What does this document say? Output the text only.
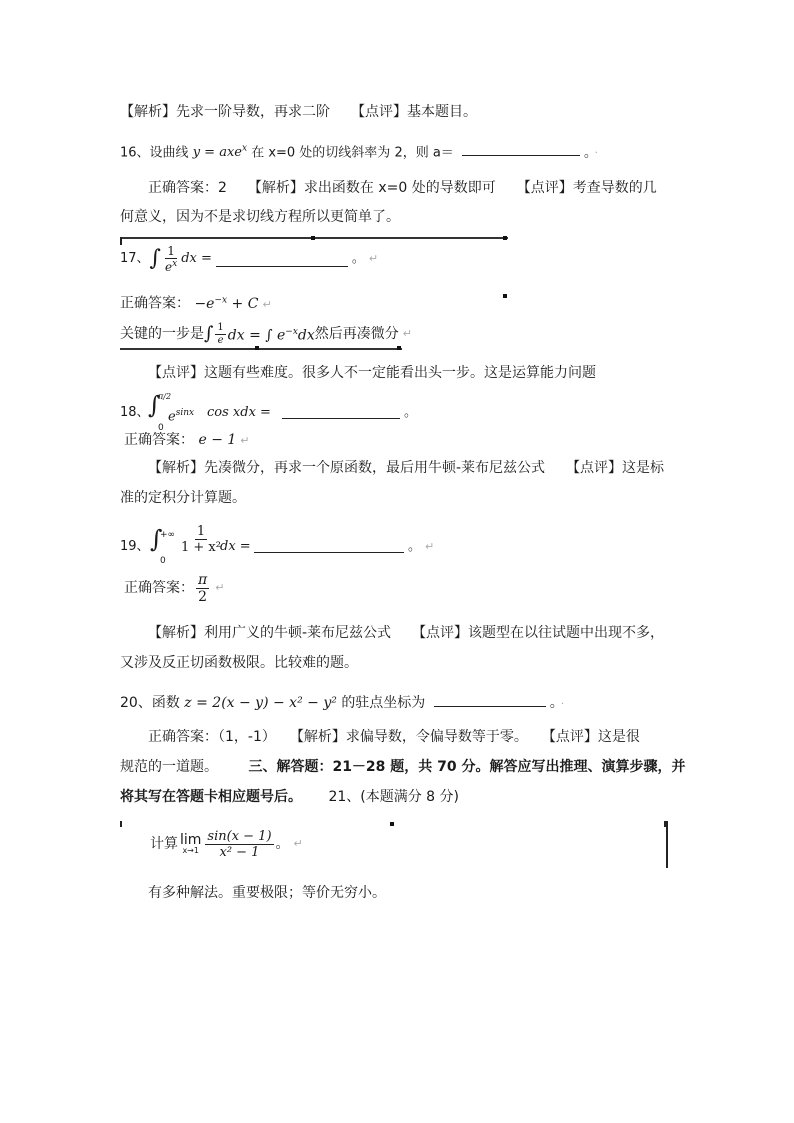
【解析】先求一阶导数，再求二阶　　【点评】基本题目。
16、设曲线 y = axe$^x$ 在 x=0 处的切线斜率为 2，则 a＝	。 ·
正确答案：2　　【解析】求出函数在 x=0 处的导数即可　　【点评】考查导数的几
何意义，因为不是求切线方程所以更简单了。
17、 ∫ $\frac{1}{e^x}$ dx =	。 ↵
正确答案： $-e^{-x} + C$ ↵
关键的一步是 ∫ $\frac{1}{e}$ dx = ∫ $e^{-x}dx$ 然后再凑微分 ↵
【点评】这题有些难度。很多人不一定能看出头一步。这是运算能力问题
18、
∫
π/2
0
$e^{sinx}$ cos xdx =	。
正确答案： e − 1 ↵
【解析】先凑微分，再求一个原函数，最后用牛顿-莱布尼兹公式　　【点评】这是标
准的定积分计算题。
19、 ∫
+∞
0
$\frac{1}{\text{1 + x²}}$
dx =	。 ↵
正确答案： $\frac{\pi}{2}$ ↵
【解析】利用广义的牛顿-莱布尼兹公式　　【点评】该题型在以往试题中出现不多，
又涉及反正切函数极限。比较难的题。
20、函数 z = 2(x − y) − x² − y² 的驻点坐标为	。 ·
正确答案：（1，-1）　　【解析】求偏导数，令偏导数等于零。　　【点评】这是很
规范的一道题。 三、解答题：21－28 题，共 70 分。解答应写出推理、演算步骤，并
将其写在答题卡相应题号后。 21、(本题满分 8 分)
计算 lim
$x\to 1 \frac{\sin(x - 1)}{\text{x² − 1}}$ 。 ↵
有多种解法。重要极限；等价无穷小。
